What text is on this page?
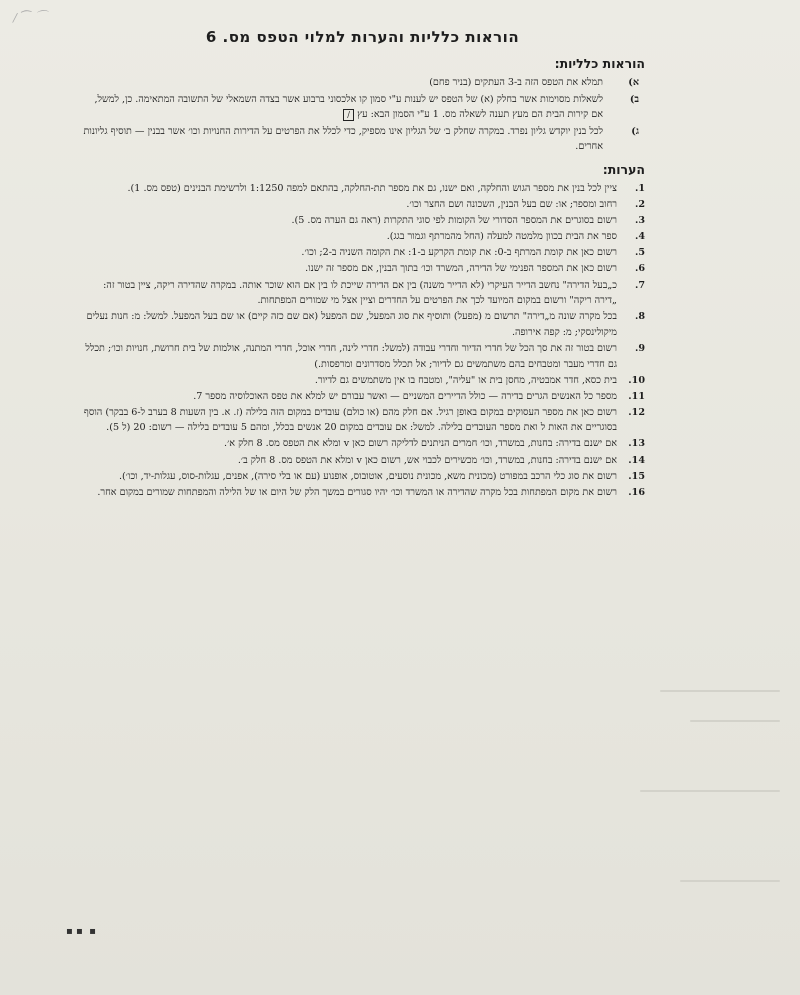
⁄ ⁀ ⌒
הוראות כלליות והערות למלוי הטפס מס. 6
הוראות כלליות:
א)
תמלא את הטפס הזה ב-3 העתקים (בניר פחם)
ב)
לשאלות מסוימות אשר בחלק (א) של הטפס יש לענות ע"י סמון קו אלכסוני ברבוע אשר בצדה השמאלי של התשובה המתאימה. כן, למשל, אם קירות הבית הם מעץ תענה לשאלה מס. 1 ע"י הסמון הבא: עץ /
ג)
לכל בנין יוקדש גליון נפרד. במקרה שחלק ב׳ של הגליון אינו מספיק, כדי לכלל את הפרטים על הדירות החנויות וכו׳ אשר בבנין — תוסיף גליונות אחרים.
הערות:
1.
ציין לכל בנין את מספר הגוש והחלקה, ואם ישנו, גם את מספר תת-החלקה, בהתאם למפה 1:1250 ולרשימת הבנינים (טפס מס. 1).
2.
רחוב ומספר; או: שם בעל הבנין, השכונה ושם החצר וכו׳.
3.
רשום בסוגרים את המספר הסדורי של הקומות לפי סוגי התקרות (ראה גם הערה מס. 5).
4.
ספר את הבית בכוון מלמטה למעלה (החל מהמרתף וגמור בגג).
5.
רשום כאן את קומת המרתף ב-0: את קומת הקרקע ב-1: את הקומה השניה ב-2; וכו׳.
6.
רשום כאן את המספר הפנימי של הדירה, המשרד וכו׳ בתוך הבנין, אם מספר זה ישנו.
7.
כ„בעל הדירה" נחשב הדייר העיקרי (לא הדייר משנה) בין אם הדירה שייכת לו בין אם הוא שוכר אותה. במקרה שהדירה ריקה, ציין בטור זה: „דירה ריקה" ורשום במקום המיועד לכך את הפרטים על החדרים וציין אצל מי שמורים המפתחות.
8.
בכל מקרה שונה מ„דירה" תרשום מ (מפעל) ותוסיף את סוג המפעל, שם המפעל (אם שם כזה קיים) או שם בעל המפעל. למשל: מ: חנות נעלים מיקולינסקי; מ: קפה אירופה.
9.
רשום בטור זה את סך הכל של חדרי הדיור וחדרי עבודה (למשל: חדרי לינה, חדרי אוכל, חדרי המתנה, אולמות של בית חרושת, חנויות וכו׳; תכלל גם חדרי מעבר ומטבחים בהם משתמשים גם לדיור; אל תכלל מסדרונים ומרפסות.)
10.
בית כסא, חדר אמבטיה, מחסן בית או "עליה", ומטבח בו אין משתמשים גם לדיור.
11.
מספר כל האנשים הגרים בדירה — כולל הדיירים המשניים — ואשר עבורם יש למלא את טפס האוכלוסיה מספר 7.
12.
רשום כאן את מספר העסוקים במקום באופן רגיל. אם חלק מהם (או כולם) עובדים במקום הזה בלילה (ז. א. בין השעות 8 בערב ל-6 בבקר) הוסף בסוגריים את האות ל ואת מספר העובדים בלילה. למשל: אם עובדים במקום 20 אנשים בכלל, ומהם 5 עובדים בלילה — רשום: 20 (ל 5).
13.
אם ישנם בדירה: בחנות, במשרד, וכו׳ חמרים הניתנים לדליקה רשום כאן v ומלא את הטפס מס. 8 חלק א׳.
14.
אם ישנם בדירה: בחנות, במשרד, וכו׳ מכשירים לכבוי אש, רשום כאן v ומלא את הטפס מס. 8 חלק ב׳.
15.
רשום את סוג כלי הרכב במפורט (מכונית משא, מכונית נוסעים, אוטובוס, אופנוע (עם או בלי סירה), אפנים, עגלות-סוס, עגלות-יד, וכו׳).
16.
רשום את מקום המפתחות בכל מקרה שהדירה או המשרד וכו׳ יהיו סגורים במשך הלק של היום או של הלילה והמפתחות שמורים במקום אחר.
▪ ▪  ▪
